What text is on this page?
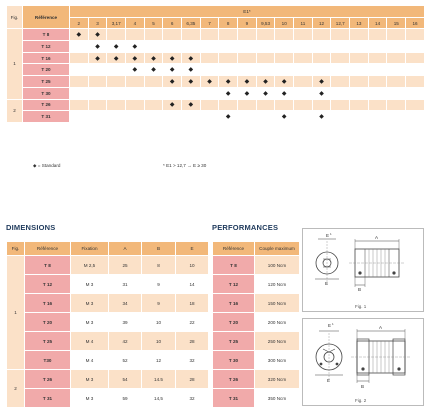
Fig.	Référence	E1*																		
		2	3	3,17	4	5	6	6,35	7	8	9	9,53	10	11	12	12,7	13	14	15	16
1	T 8	◆	◆																	
	T 12		◆	◆	◆															
	T 16		◆	◆	◆	◆	◆	◆												
	T 20				◆	◆	◆	◆												
	T 25						◆	◆	◆	◆	◆	◆	◆		◆					
	T 30									◆	◆	◆	◆		◆					
2	T 26						◆	◆												
	T 31									◆			◆		◆					
◆ = Standard	* E1 > 12,7 → E ≥ 30
DIMENSIONS
Fig.	Référence	Fixation	A	B	E
1	T 8	M 2,5	25	8	10
	T 12	M 3	31	9	14
	T 16	M 3	34	9	18
	T 20	M 3	39	10	22
	T 25	M 4	42	10	28
	T30	M 4	52	12	32
2	T 26	M 3	54	14.5	28
	T 31	M 3	59	14,5	32
PERFORMANCES
Référence	Couple maximum
T 8	100 Ncm
T 12	120 Ncm
T 16	150 Ncm
T 20	200 Ncm
T 25	250 Ncm
T 30	300 Ncm
T 26	320 Ncm
T 31	350 Ncm
E 1
A
B
E
Fig. 1
E 1
A
B
E
Fig. 2
